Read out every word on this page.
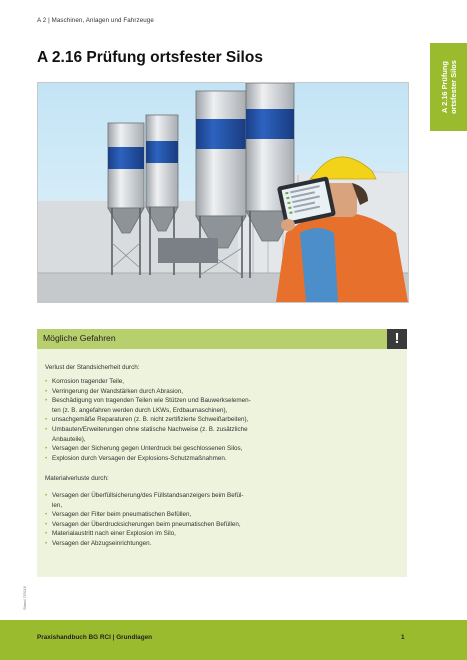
A 2 | Maschinen, Anlagen und Fahrzeuge
A 2.16 Prüfung ortsfester Silos
A 2.16 Prüfung
ortsfester Silos
Mögliche Gefahren	!

Verlust der Standsicherheit durch:

• Korrosion tragender Teile,
• Verringerung der Wandstärken durch Abrasion,
• Beschädigung von tragenden Teilen wie Stützen und Bauwerkselemen-
ten (z. B. angefahren werden durch LKWs, Erdbaumaschinen),
• unsachgemäße Reparaturen (z. B. nicht zertifizierte Schweißarbeiten),
• Umbauten/Erweiterungen ohne statische Nachweise (z. B. zusätzliche
Anbauteile),
• Versagen der Sicherung gegen Unterdruck bei geschlossenen Silos,
• Explosion durch Versagen der Explosions-Schutzmaßnahmen.

Materialverluste durch:

• Versagen der Überfüllsicherung/des Füllstandsanzeigers beim Befül-
len,
• Versagen der Filter beim pneumatischen Befüllen,
• Versagen der Überdrucksicherungen beim pneumatischen Befüllen,
• Materialaustritt nach einer Explosion im Silo,
• Versagen der Abzugseinrichtungen.
Stand 7/2016
Praxishandbuch BG RCI | Grundlagen	1
